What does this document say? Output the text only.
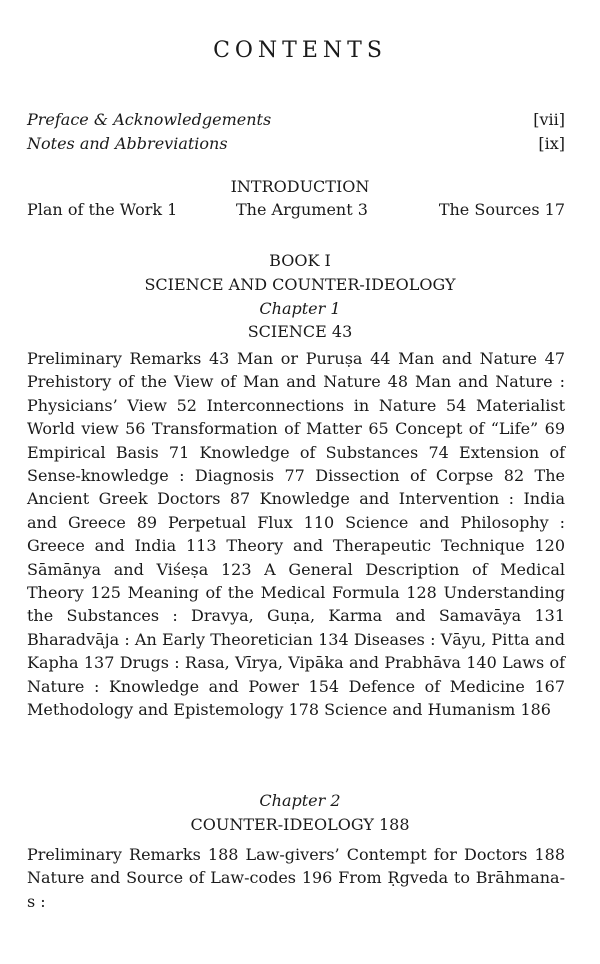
CONTENTS
Preface & Acknowledgements	[vii]
Notes and Abbreviations	[ix]
INTRODUCTION
Plan of the Work 1	The Argument 3	The Sources 17
BOOK I
SCIENCE AND COUNTER-IDEOLOGY
Chapter 1
SCIENCE 43
Preliminary Remarks 43 Man or Puruṣa 44 Man and Nature 47 Prehistory of the View of Man and Nature 48 Man and Nature : Physicians’ View 52 Interconnections in Nature 54 Materialist World view 56 Transformation of Matter 65 Concept of “Life” 69 Empirical Basis 71 Knowledge of Substances 74 Extension of Sense-knowledge : Diagnosis 77 Dissection of Corpse 82 The Ancient Greek Doctors 87 Knowledge and Intervention : India and Greece 89 Perpetual Flux 110 Science and Philosophy : Greece and India 113 Theory and Therapeutic Technique 120 Sāmānya and Viśeṣa 123 A General Description of Medical Theory 125 Meaning of the Medical Formula 128 Understanding the Substances : Dravya, Guṇa, Karma and Samavāya 131 Bharadvāja : An Early Theoretician 134 Diseases : Vāyu, Pitta and Kapha 137 Drugs : Rasa, Vīrya, Vipāka and Prabhāva 140 Laws of Nature : Knowledge and Power 154 Defence of Medicine 167 Methodology and Epistemology 178 Science and Humanism 186
Chapter 2
COUNTER-IDEOLOGY 188
Preliminary Remarks 188 Law-givers’ Contempt for Doctors 188 Nature and Source of Law-codes 196 From Ṛgveda to Brāhmana-s :
